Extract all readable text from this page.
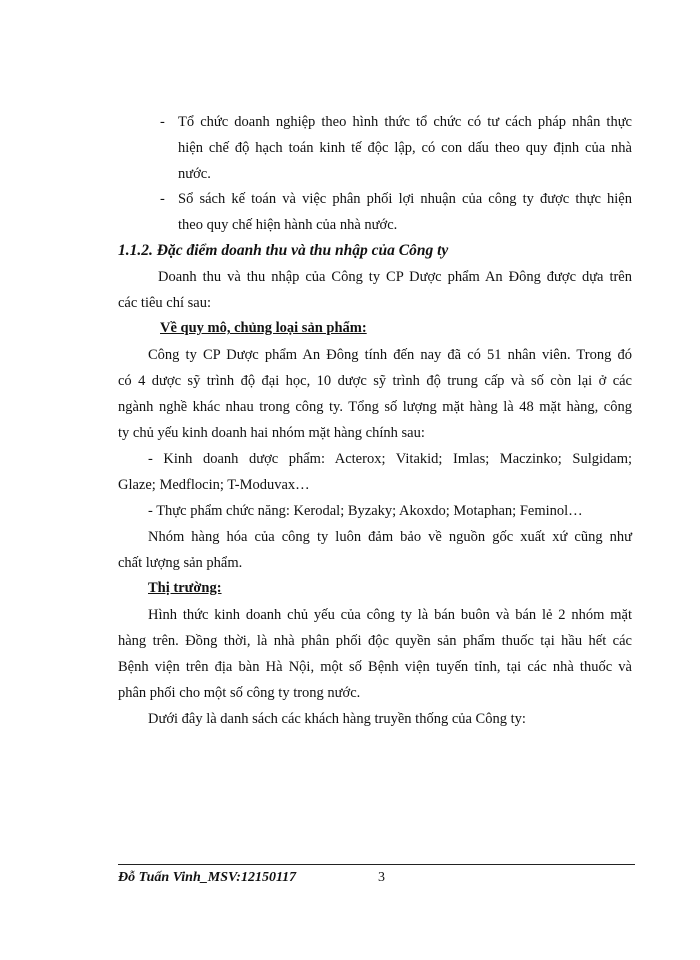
- Tổ chức doanh nghiệp theo hình thức tổ chức có tư cách pháp nhân thực
hiện chế độ hạch toán kinh tế độc lập, có con dấu theo quy định của nhà
nước.
- Sổ sách kế toán và việc phân phối lợi nhuận của công ty được thực hiện
theo quy chế hiện hành của nhà nước.
1.1.2. Đặc điểm doanh thu và thu nhập của Công ty
Doanh thu và thu nhập của Công ty CP Dược phẩm An Đông được dựa trên
các tiêu chí sau:
Về quy mô, chủng loại sản phẩm:
Công ty CP Dược phẩm An Đông tính đến nay đã có 51 nhân viên. Trong đó
có 4 dược sỹ trình độ đại học, 10 dược sỹ trình độ trung cấp và số còn lại ở các
ngành nghề khác nhau trong công ty. Tổng số lượng mặt hàng là 48 mặt hàng, công
ty chủ yếu kinh doanh hai nhóm mặt hàng chính sau:
- Kinh doanh dược phẩm: Acterox; Vitakid; Imlas; Maczinko; Sulgidam;
Glaze; Medflocin; T-Moduvax…
- Thực phẩm chức năng: Kerodal; Byzaky; Akoxdo; Motaphan; Feminol…
Nhóm hàng hóa của công ty luôn đảm bảo về nguồn gốc xuất xứ cũng như
chất lượng sản phẩm.
Thị trường:
Hình thức kinh doanh chủ yếu của công ty là bán buôn và bán lẻ 2 nhóm mặt
hàng trên. Đồng thời, là nhà phân phối độc quyền sản phẩm thuốc tại hầu hết các
Bệnh viện trên địa bàn Hà Nội, một số Bệnh viện tuyến tỉnh, tại các nhà thuốc và
phân phối cho một số công ty trong nước.
Dưới đây là danh sách các khách hàng truyền thống của Công ty:
Đỗ Tuấn Vinh_MSV:12150117	3
